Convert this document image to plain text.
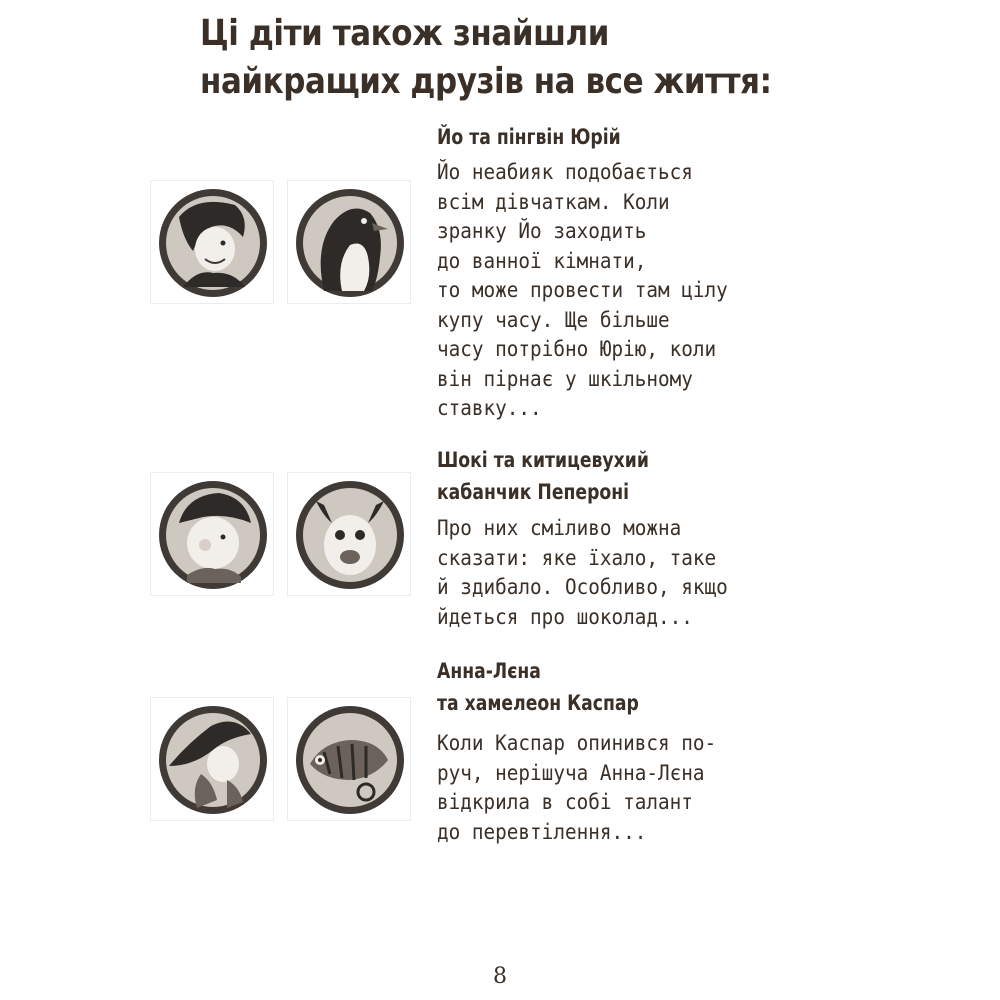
Ці діти також знайшли
найкращих друзів на все життя:
Йо та пінгвін Юрій

Йо неабияк подобається
всім дівчаткам. Коли
зранку Йо заходить
до ванної кімнати,
то може провести там цілу
купу часу. Ще більше
часу потрібно Юрію, коли
він пірнає у шкільному
ставку...

Шокі та китицевухий
кабанчик Пепероні

Про них сміливо можна
сказати: яке їхало, таке
й здибало. Особливо, якщо
йдеться про шоколад...

Анна-Лєна
та хамелеон Каспар

Коли Каспар опинився по-
руч, нерішуча Анна-Лєна
відкрила в собі талант
до перевтілення...

8
